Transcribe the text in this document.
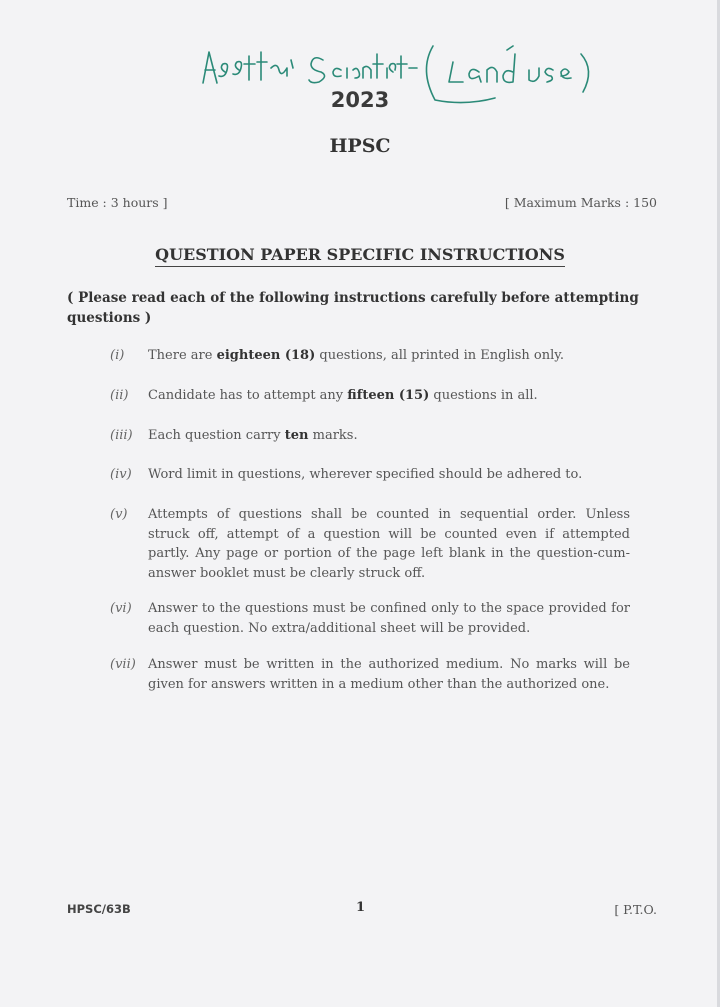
2023
HPSC
Time : 3 hours ]	[ Maximum Marks : 150
QUESTION PAPER SPECIFIC INSTRUCTIONS
( Please read each of the following instructions carefully before attempting questions )
(i)	There are eighteen (18) questions, all printed in English only.
(ii)	Candidate has to attempt any fifteen (15) questions in all.
(iii)	Each question carry ten marks.
(iv)	Word limit in questions, wherever specified should be adhered to.
(v)	Attempts of questions shall be counted in sequential order. Unless struck off, attempt of a question will be counted even if attempted partly. Any page or portion of the page left blank in the question-cum-answer booklet must be clearly struck off.
(vi)	Answer to the questions must be confined only to the space provided for each question. No extra/additional sheet will be provided.
(vii) Answer must be written in the authorized medium. No marks will be given for answers written in a medium other than the authorized one.
HPSC/63B	1	[ P.T.O.
